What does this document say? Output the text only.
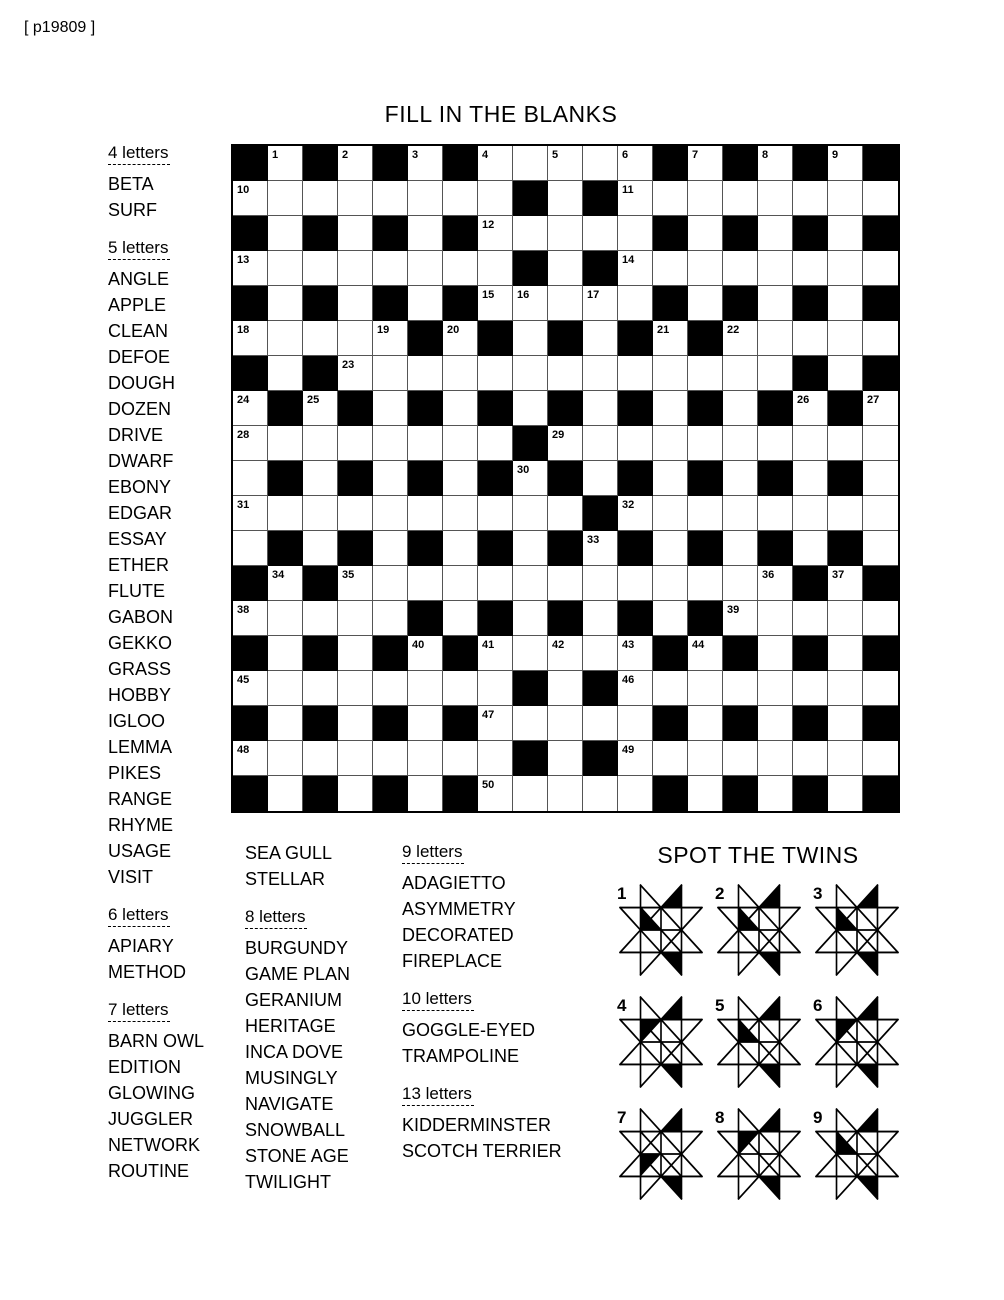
[ p19809 ]
FILL IN THE BLANKS
1	2	3	4	5	6	7	8	9
10	11
12
13	14
15 16	17
18	19	20	21	22
23
24	25	26	27
28	29
30
31	32
33
34	35	36	37
38	39
40	41	42	43	44
45	46
47
48	49
50
4 letters

BETA
SURF
5 letters

ANGLE
APPLE
CLEAN
DEFOE
DOUGH
DOZEN
DRIVE
DWARF
EBONY
EDGAR
ESSAY
ETHER
FLUTE
GABON
GEKKO
GRASS
HOBBY
IGLOO
LEMMA
PIKES
RANGE
RHYME
USAGE
VISIT
6 letters

APIARY
METHOD
7 letters

BARN OWL
EDITION
GLOWING
JUGGLER
NETWORK
ROUTINE
SEA GULL
STELLAR
8 letters

BURGUNDY
GAME PLAN
GERANIUM
HERITAGE
INCA DOVE
MUSINGLY
NAVIGATE
SNOWBALL
STONE AGE
TWILIGHT
9 letters

ADAGIETTO
ASYMMETRY
DECORATED
FIREPLACE
10 letters

GOGGLE-EYED
TRAMPOLINE
13 letters

KIDDERMINSTER
SCOTCH TERRIER
SPOT THE TWINS
1	2	3
4	5	6
7	8	9
